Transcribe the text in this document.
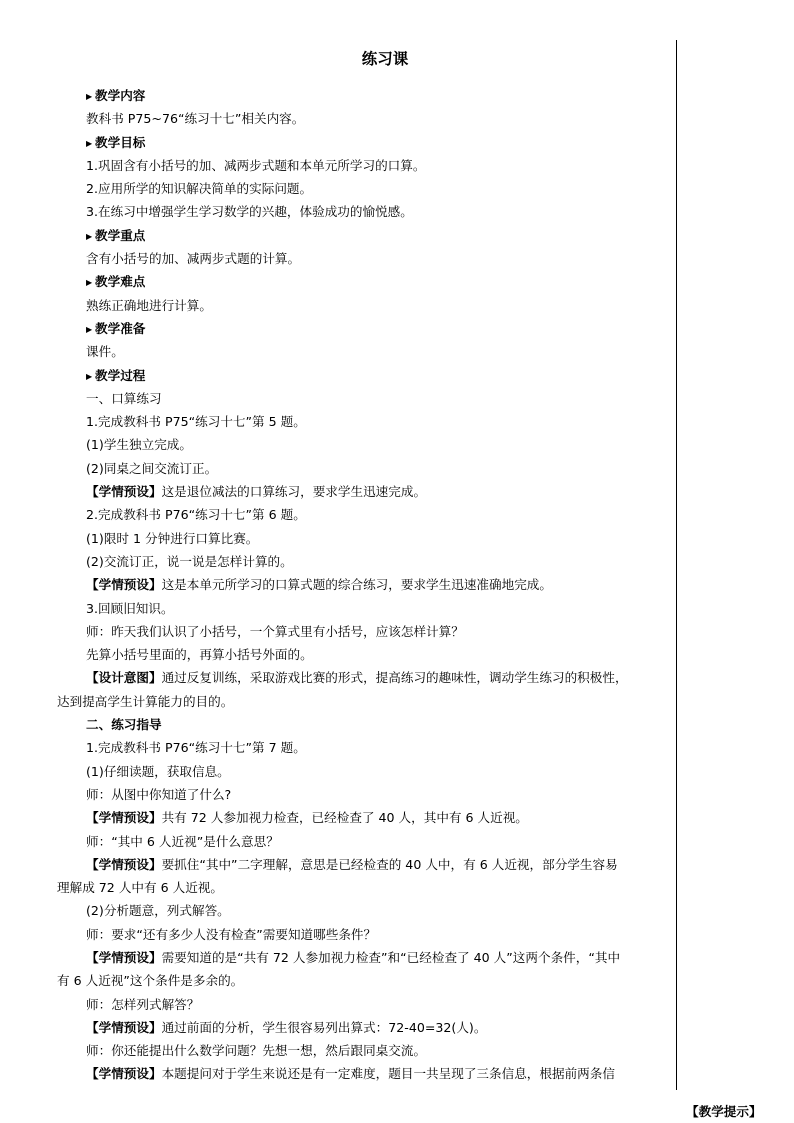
练习课
▶ 教学内容
教科书 P75~76“练习十七”相关内容。
▶ 教学目标
1.巩固含有小括号的加、减两步式题和本单元所学习的口算。
2.应用所学的知识解决简单的实际问题。
3.在练习中增强学生学习数学的兴趣，体验成功的愉悦感。
▶ 教学重点
含有小括号的加、减两步式题的计算。
▶ 教学难点
熟练正确地进行计算。
▶ 教学准备
课件。
▶ 教学过程
一、口算练习
1.完成教科书 P75“练习十七”第 5 题。
(1)学生独立完成。
(2)同桌之间交流订正。
【学情预设】这是退位减法的口算练习，要求学生迅速完成。
2.完成教科书 P76“练习十七”第 6 题。
(1)限时 1 分钟进行口算比赛。
(2)交流订正，说一说是怎样计算的。
【学情预设】这是本单元所学习的口算式题的综合练习，要求学生迅速准确地完成。
3.回顾旧知识。
师：昨天我们认识了小括号，一个算式里有小括号，应该怎样计算？
先算小括号里面的，再算小括号外面的。
【设计意图】通过反复训练，采取游戏比赛的形式，提高练习的趣味性，调动学生练习的积极性，
达到提高学生计算能力的目的。
二、练习指导
1.完成教科书 P76“练习十七”第 7 题。
(1)仔细读题，获取信息。
师：从图中你知道了什么?
【学情预设】共有 72 人参加视力检查，已经检查了 40 人，其中有 6 人近视。
师：“其中 6 人近视”是什么意思？
【学情预设】要抓住“其中”二字理解，意思是已经检查的 40 人中，有 6 人近视，部分学生容易
理解成 72 人中有 6 人近视。
(2)分析题意，列式解答。
师：要求“还有多少人没有检查”需要知道哪些条件？
【学情预设】需要知道的是“共有 72 人参加视力检查”和“已经检查了 40 人”这两个条件，“其中
有 6 人近视”这个条件是多余的。
师：怎样列式解答？
【学情预设】通过前面的分析，学生很容易列出算式：72-40=32(人)。
师：你还能提出什么数学问题？先想一想，然后跟同桌交流。
【学情预设】本题提问对于学生来说还是有一定难度，题目一共呈现了三条信息，根据前两条信
【教学提示】
